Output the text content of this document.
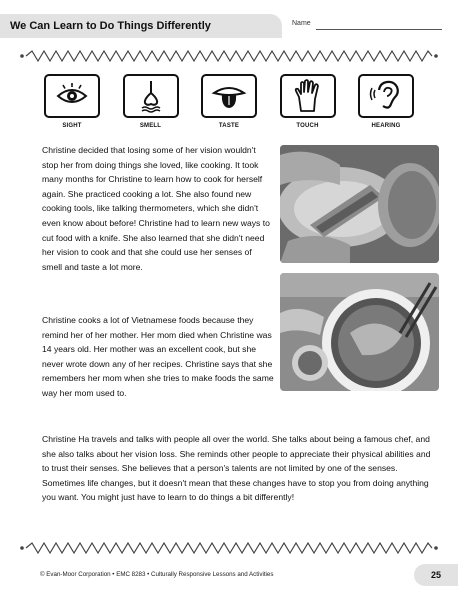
We Can Learn to Do Things Differently	Name
SIGHT	SMELL	TASTE	TOUCH	HEARING

Christine decided that losing some of her vision wouldn't stop her from doing things she loved, like cooking. It took many months for Christine to learn how to cook for herself again. She practiced cooking a lot. She also found new cooking tools, like talking thermometers, which she didn't even know about before! Christine had to learn new ways to cut food with a knife. She also learned that she didn't need her vision to cook and that she could use her senses of smell and taste a lot more.

Christine cooks a lot of Vietnamese foods because they remind her of her mother. Her mom died when Christine was 14 years old. Her mother was an excellent cook, but she never wrote down any of her recipes. Christine says that she remembers her mom when she tries to make foods the same way her mom used to.

Christine Ha travels and talks with people all over the world. She talks about being a famous chef, and she also talks about her vision loss. She reminds other people to appreciate their physical abilities and to trust their senses. She believes that a person's talents are not limited by one of the senses. Sometimes life changes, but it doesn't mean that these changes have to stop you from doing anything you want. You might just have to learn to do things a bit differently!

© Evan-Moor Corporation • EMC 8283 • Culturally Responsive Lessons and Activities	25
